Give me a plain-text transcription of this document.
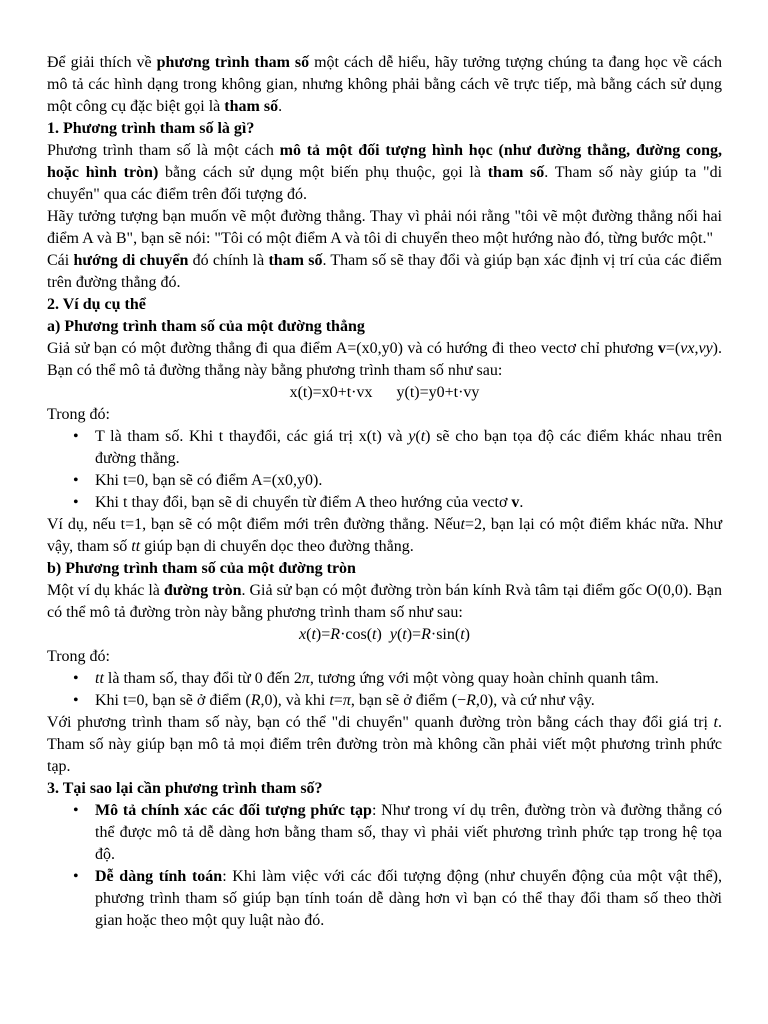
Để giải thích về phương trình tham số một cách dễ hiểu, hãy tưởng tượng chúng ta đang học về cách mô tả các hình dạng trong không gian, nhưng không phải bằng cách vẽ trực tiếp, mà bằng cách sử dụng một công cụ đặc biệt gọi là tham số.

1. Phương trình tham số là gì?

Phương trình tham số là một cách mô tả một đối tượng hình học (như đường thẳng, đường cong, hoặc hình tròn) bằng cách sử dụng một biến phụ thuộc, gọi là tham số. Tham số này giúp ta "di chuyển" qua các điểm trên đối tượng đó.

Hãy tưởng tượng bạn muốn vẽ một đường thẳng. Thay vì phải nói rằng "tôi vẽ một đường thẳng nối hai điểm A và B", bạn sẽ nói: "Tôi có một điểm A và tôi di chuyển theo một hướng nào đó, từng bước một."

Cái hướng di chuyển đó chính là tham số. Tham số sẽ thay đổi và giúp bạn xác định vị trí của các điểm trên đường thẳng đó.

2. Ví dụ cụ thể

a) Phương trình tham số của một đường thẳng

Giả sử bạn có một đường thẳng đi qua điểm A=(x0,y0) và có hướng đi theo vectơ chỉ phương v=(vx,vy). Bạn có thể mô tả đường thẳng này bằng phương trình tham số như sau:

x(t)=x0+t·vx      y(t)=y0+t·vy

Trong đó:

• T là tham số. Khi t thayđổi, các giá trị x(t) và y(t) sẽ cho bạn tọa độ các điểm khác nhau trên đường thẳng.
• Khi t=0, bạn sẽ có điểm A=(x0,y0).
• Khi t thay đổi, bạn sẽ di chuyển từ điểm A theo hướng của vectơ v.

Ví dụ, nếu t=1, bạn sẽ có một điểm mới trên đường thẳng. Nếut=2, bạn lại có một điểm khác nữa. Như vậy, tham số tt giúp bạn di chuyển dọc theo đường thẳng.

b) Phương trình tham số của một đường tròn

Một ví dụ khác là đường tròn. Giả sử bạn có một đường tròn bán kính Rvà tâm tại điểm gốc O(0,0). Bạn có thể mô tả đường tròn này bằng phương trình tham số như sau:

x(t)=R·cos(t)  y(t)=R·sin(t)

Trong đó:

• tt là tham số, thay đổi từ 0 đến 2π, tương ứng với một vòng quay hoàn chỉnh quanh tâm.
• Khi t=0, bạn sẽ ở điểm (R,0), và khi t=π, bạn sẽ ở điểm (−R,0), và cứ như vậy.

Với phương trình tham số này, bạn có thể "di chuyển" quanh đường tròn bằng cách thay đổi giá trị t. Tham số này giúp bạn mô tả mọi điểm trên đường tròn mà không cần phải viết một phương trình phức tạp.

3. Tại sao lại cần phương trình tham số?

• Mô tả chính xác các đối tượng phức tạp: Như trong ví dụ trên, đường tròn và đường thẳng có thể được mô tả dễ dàng hơn bằng tham số, thay vì phải viết phương trình phức tạp trong hệ tọa độ.
• Dễ dàng tính toán: Khi làm việc với các đối tượng động (như chuyển động của một vật thể), phương trình tham số giúp bạn tính toán dễ dàng hơn vì bạn có thể thay đổi tham số theo thời gian hoặc theo một quy luật nào đó.
